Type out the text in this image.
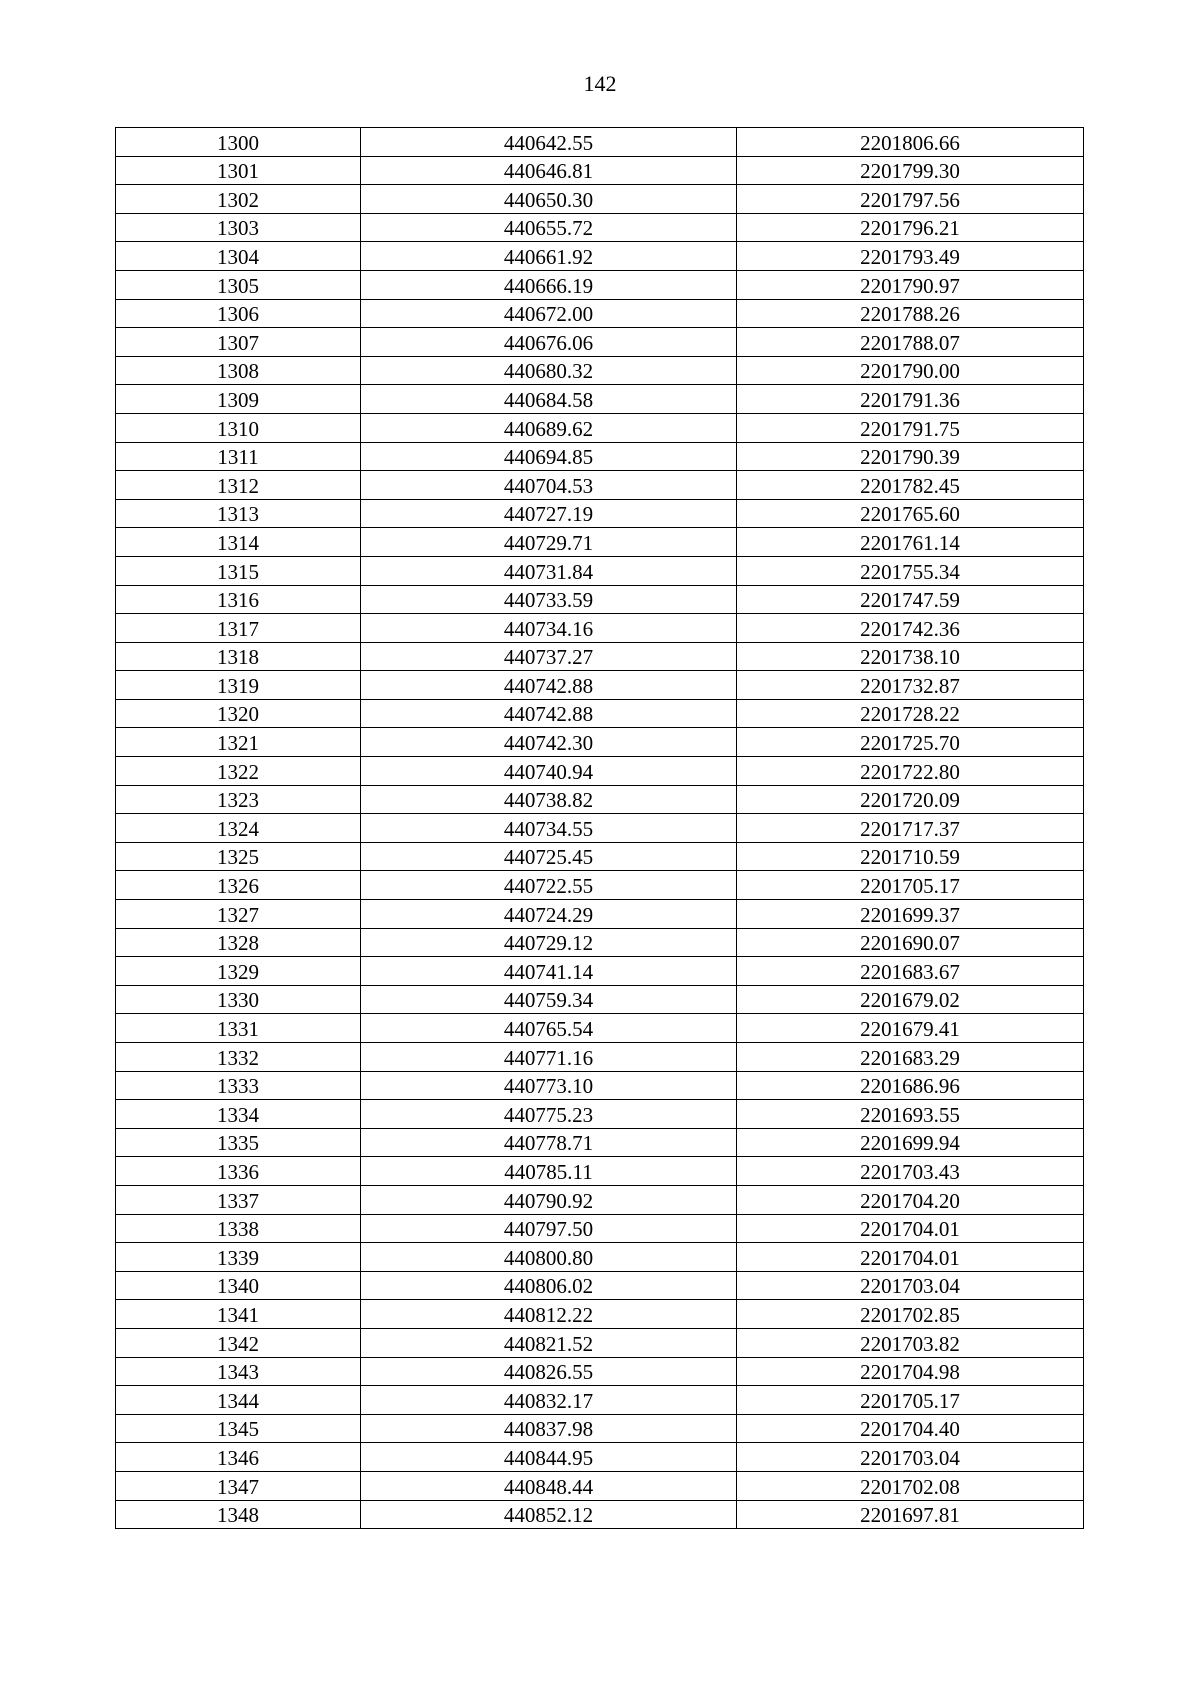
142
1300	440642.55	2201806.66
1301	440646.81	2201799.30
1302	440650.30	2201797.56
1303	440655.72	2201796.21
1304	440661.92	2201793.49
1305	440666.19	2201790.97
1306	440672.00	2201788.26
1307	440676.06	2201788.07
1308	440680.32	2201790.00
1309	440684.58	2201791.36
1310	440689.62	2201791.75
1311	440694.85	2201790.39
1312	440704.53	2201782.45
1313	440727.19	2201765.60
1314	440729.71	2201761.14
1315	440731.84	2201755.34
1316	440733.59	2201747.59
1317	440734.16	2201742.36
1318	440737.27	2201738.10
1319	440742.88	2201732.87
1320	440742.88	2201728.22
1321	440742.30	2201725.70
1322	440740.94	2201722.80
1323	440738.82	2201720.09
1324	440734.55	2201717.37
1325	440725.45	2201710.59
1326	440722.55	2201705.17
1327	440724.29	2201699.37
1328	440729.12	2201690.07
1329	440741.14	2201683.67
1330	440759.34	2201679.02
1331	440765.54	2201679.41
1332	440771.16	2201683.29
1333	440773.10	2201686.96
1334	440775.23	2201693.55
1335	440778.71	2201699.94
1336	440785.11	2201703.43
1337	440790.92	2201704.20
1338	440797.50	2201704.01
1339	440800.80	2201704.01
1340	440806.02	2201703.04
1341	440812.22	2201702.85
1342	440821.52	2201703.82
1343	440826.55	2201704.98
1344	440832.17	2201705.17
1345	440837.98	2201704.40
1346	440844.95	2201703.04
1347	440848.44	2201702.08
1348	440852.12	2201697.81
